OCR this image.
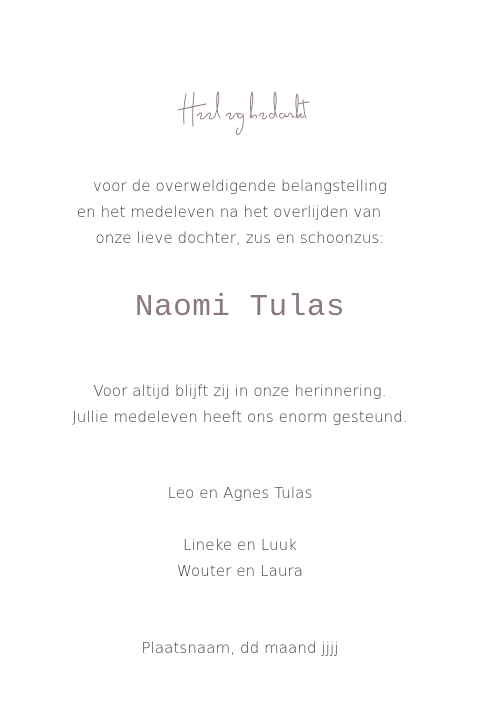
voor de overweldigende belangstelling
en het medeleven na het overlijden van
onze lieve dochter, zus en schoonzus:
Naomi Tulas
Voor altijd blijft zij in onze herinnering.
Jullie medeleven heeft ons enorm gesteund.
Leo en Agnes Tulas
Lineke en Luuk
Wouter en Laura
Plaatsnaam, dd maand jjjj
